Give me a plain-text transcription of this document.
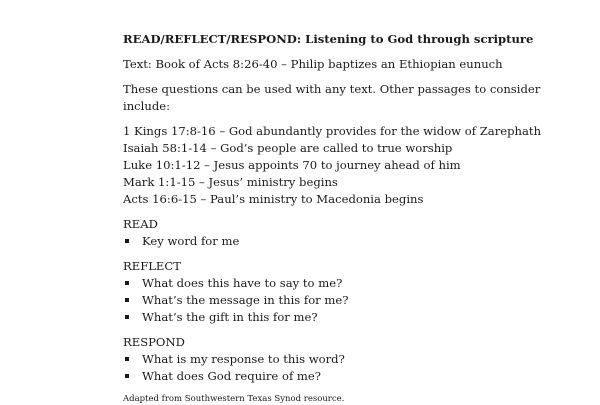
READ/REFLECT/RESPOND: Listening to God through scripture
Text: Book of Acts 8:26-40 – Philip baptizes an Ethiopian eunuch
These questions can be used with any text. Other passages to consider
include:
1 Kings 17:8-16 – God abundantly provides for the widow of Zarephath
Isaiah 58:1-14 – God’s people are called to true worship
Luke 10:1-12 – Jesus appoints 70 to journey ahead of him
Mark 1:1-15 – Jesus’ ministry begins
Acts 16:6-15 – Paul’s ministry to Macedonia begins
READ
Key word for me
REFLECT
What does this have to say to me?
What’s the message in this for me?
What’s the gift in this for me?
RESPOND
What is my response to this word?
What does God require of me?
Adapted from Southwestern Texas Synod resource.
